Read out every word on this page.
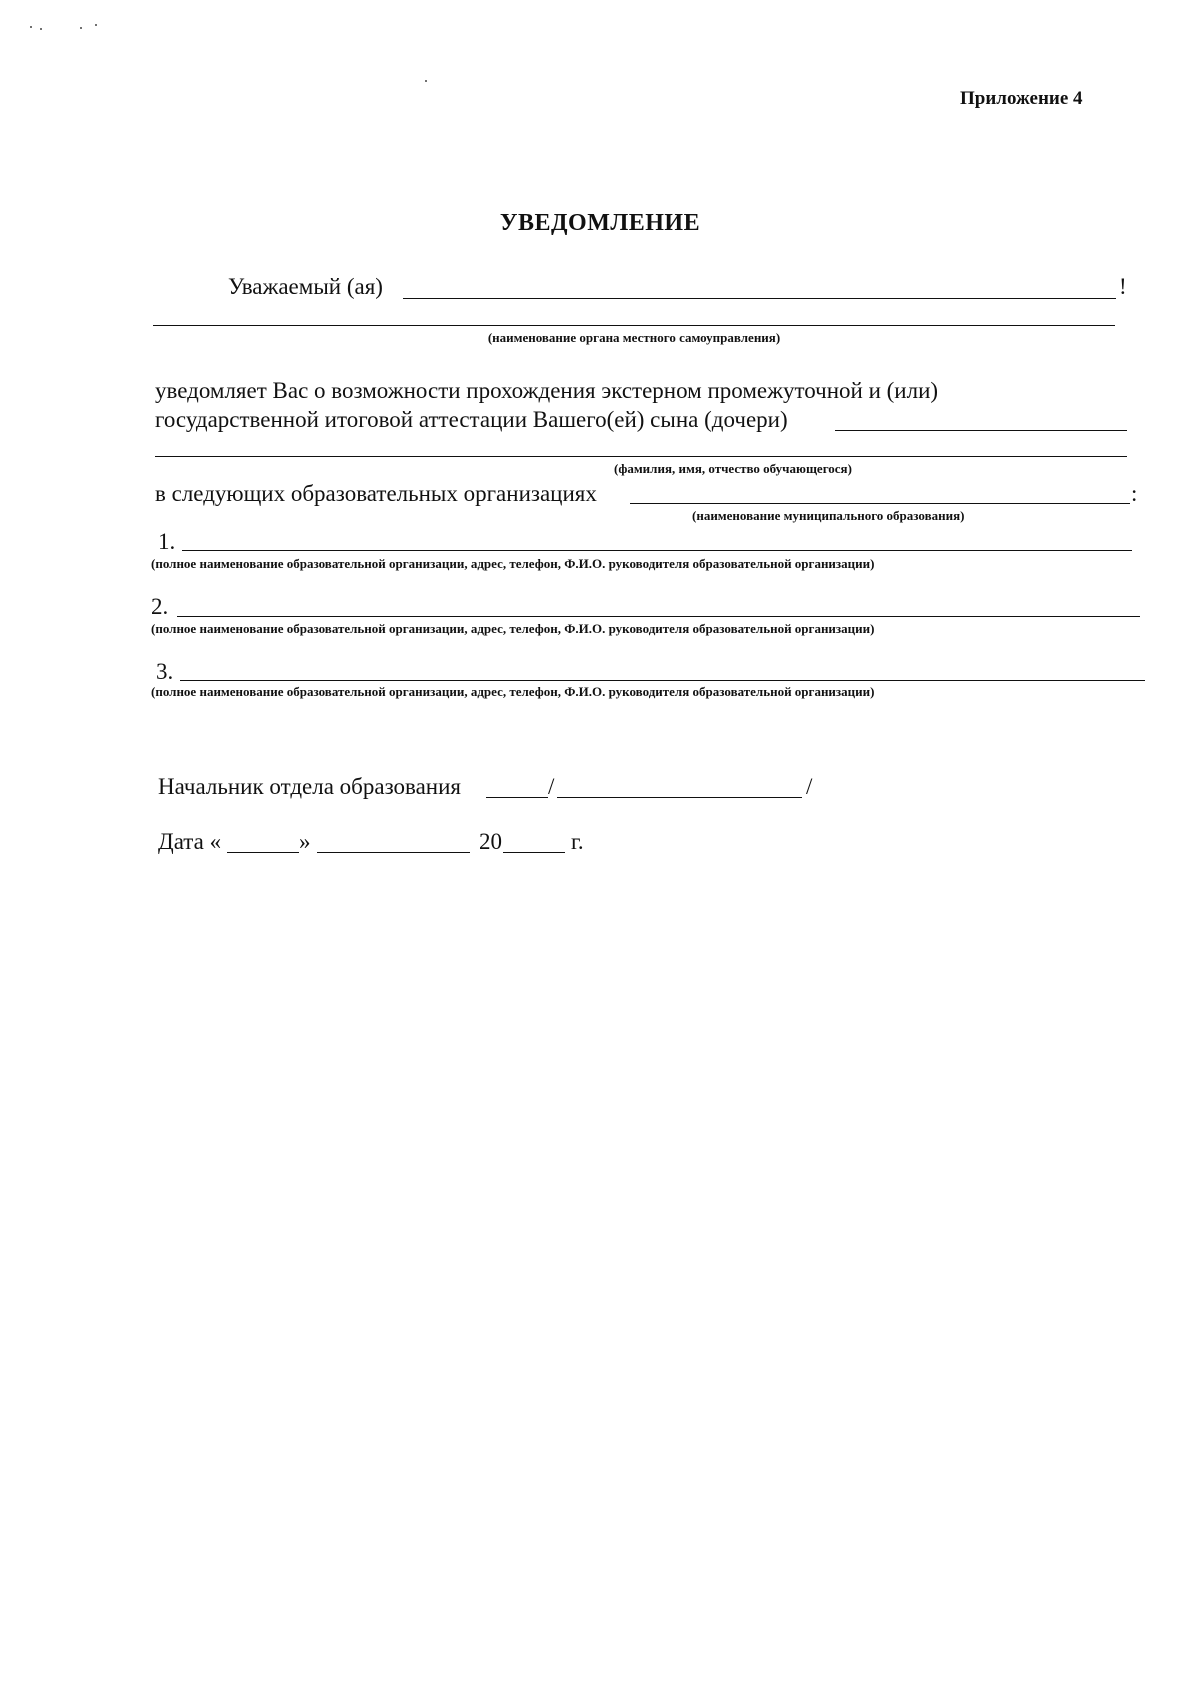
Приложение 4
УВЕДОМЛЕНИЕ
Уважаемый (ая)	!
(наименование органа местного самоуправления)
уведомляет Вас о возможности прохождения экстерном промежуточной и (или)
государственной итоговой аттестации Вашего(ей) сына (дочери)
(фамилия, имя, отчество обучающегося)
в следующих образовательных организациях	:
(наименование муниципального образования)
1.
(полное наименование образовательной организации, адрес, телефон, Ф.И.О. руководителя образовательной организации)
2.
(полное наименование образовательной организации, адрес, телефон, Ф.И.О. руководителя образовательной организации)
3.
(полное наименование образовательной организации, адрес, телефон, Ф.И.О. руководителя образовательной организации)
Начальник отдела образования	/	/
Дата «	»	20	г.
